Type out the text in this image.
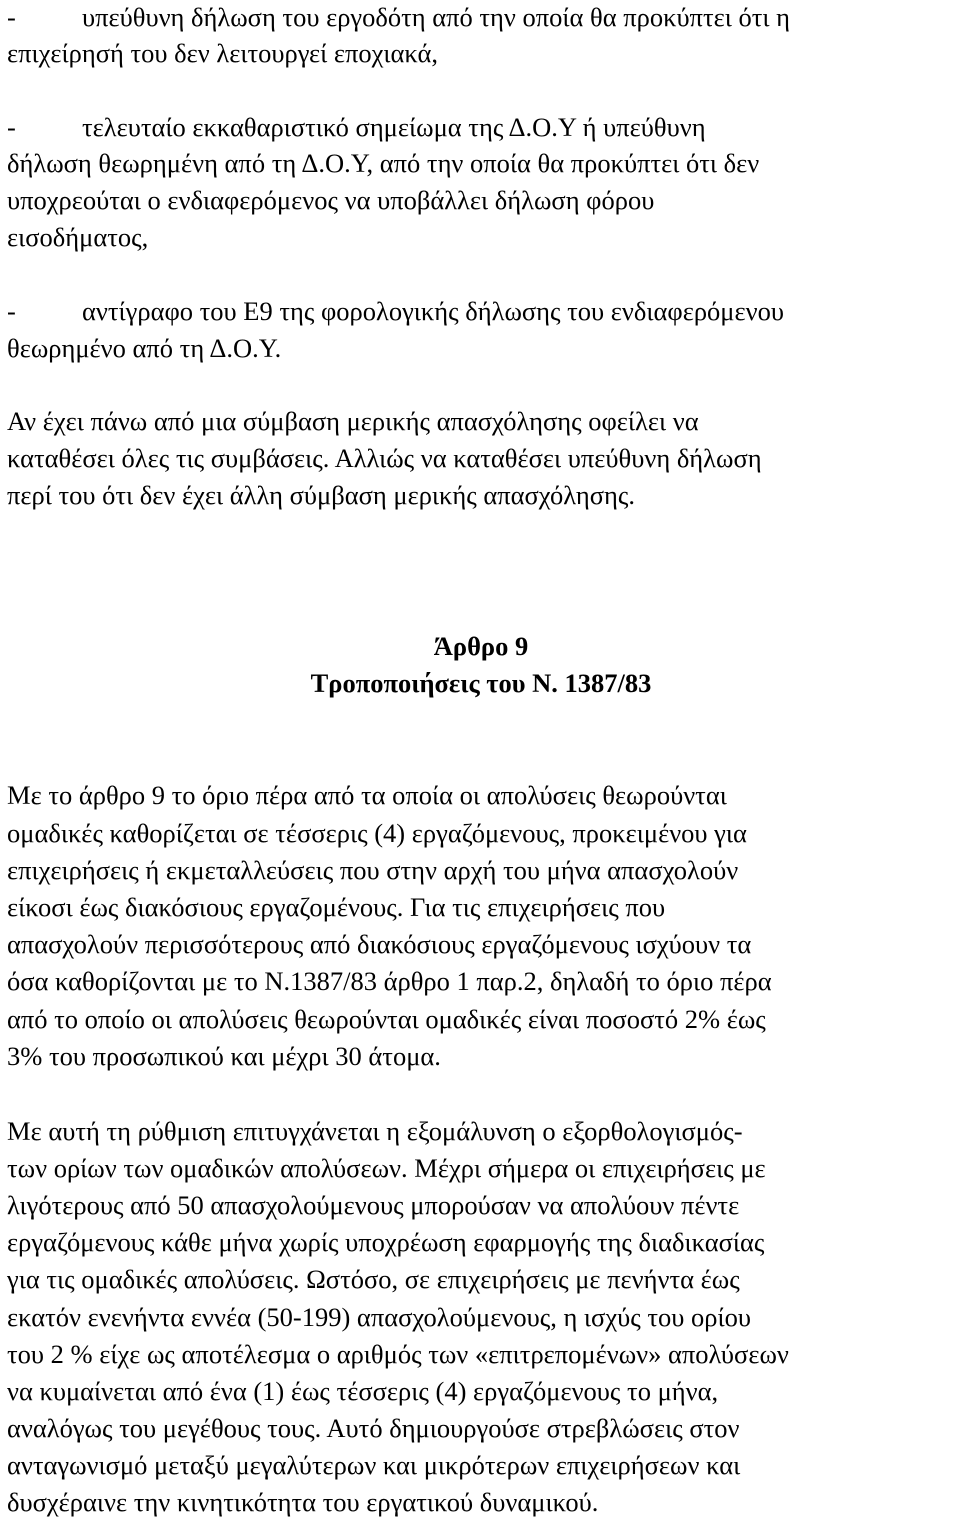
- υπεύθυνη δήλωση του εργοδότη από την οποία θα προκύπτει ότι η
επιχείρησή του δεν λειτουργεί εποχιακά,
- τελευταίο εκκαθαριστικό σημείωμα της Δ.Ο.Υ ή υπεύθυνη
δήλωση θεωρημένη από τη Δ.Ο.Υ, από την οποία θα προκύπτει ότι δεν
υποχρεούται ο ενδιαφερόμενος να υποβάλλει δήλωση φόρου
εισοδήματος,
- αντίγραφο του Ε9 της φορολογικής δήλωσης του ενδιαφερόμενου
θεωρημένο από τη Δ.Ο.Υ.
Αν έχει πάνω από μια σύμβαση μερικής απασχόλησης οφείλει να
καταθέσει όλες τις συμβάσεις. Αλλιώς να καταθέσει υπεύθυνη δήλωση
περί του ότι δεν έχει άλλη σύμβαση μερικής απασχόλησης.
Άρθρο 9
Τροποποιήσεις του Ν. 1387/83
Με το άρθρο 9 το όριο πέρα από τα οποία οι απολύσεις θεωρούνται
ομαδικές καθορίζεται σε τέσσερις (4) εργαζόμενους, προκειμένου για
επιχειρήσεις ή εκμεταλλεύσεις που στην αρχή του μήνα απασχολούν
είκοσι έως διακόσιους εργαζομένους. Για τις επιχειρήσεις που
απασχολούν περισσότερους από διακόσιους εργαζόμενους ισχύουν τα
όσα καθορίζονται με το Ν.1387/83 άρθρο 1 παρ.2, δηλαδή το όριο πέρα
από το οποίο οι απολύσεις θεωρούνται ομαδικές είναι ποσοστό 2% έως
3% του προσωπικού και μέχρι 30 άτομα.
Με αυτή τη ρύθμιση επιτυγχάνεται η εξομάλυνση ο εξορθολογισμός-
των ορίων των ομαδικών απολύσεων. Μέχρι σήμερα οι επιχειρήσεις με
λιγότερους από 50 απασχολούμενους μπορούσαν να απολύουν πέντε
εργαζόμενους κάθε μήνα χωρίς υποχρέωση εφαρμογής της διαδικασίας
για τις ομαδικές απολύσεις. Ωστόσο, σε επιχειρήσεις με πενήντα έως
εκατόν ενενήντα εννέα (50-199) απασχολούμενους, η ισχύς του ορίου
του 2 % είχε ως αποτέλεσμα ο αριθμός των «επιτρεπομένων» απολύσεων
να κυμαίνεται από ένα (1) έως τέσσερις (4) εργαζόμενους το μήνα,
αναλόγως του μεγέθους τους. Αυτό δημιουργούσε στρεβλώσεις στον
ανταγωνισμό μεταξύ μεγαλύτερων και μικρότερων επιχειρήσεων και
δυσχέραινε την κινητικότητα του εργατικού δυναμικού.
